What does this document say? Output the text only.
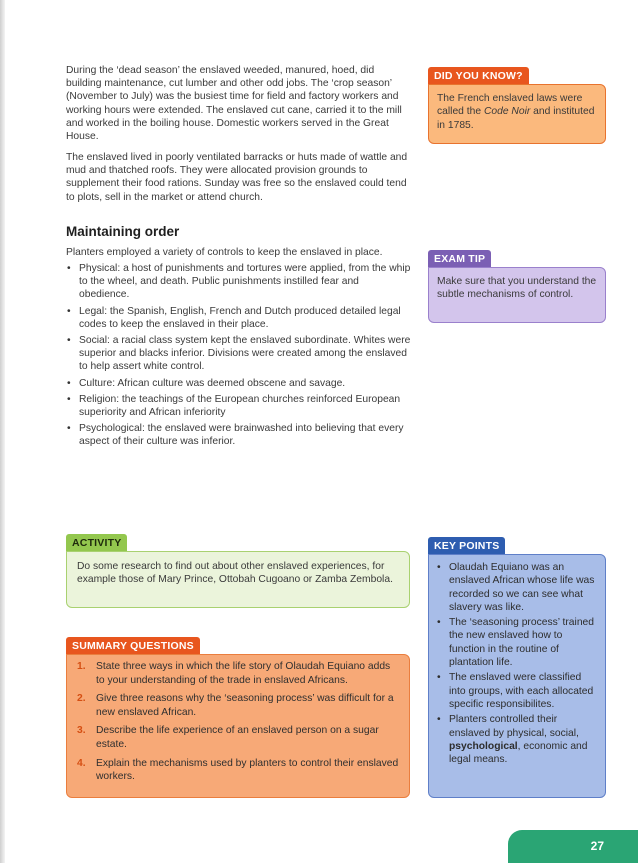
During the ‘dead season’ the enslaved weeded, manured, hoed, did building maintenance, cut lumber and other odd jobs. The ‘crop season’ (November to July) was the busiest time for field and factory workers and working hours were extended. The enslaved cut cane, carried it to the mill and worked in the boiling house. Domestic workers served in the Great House.

The enslaved lived in poorly ventilated barracks or huts made of wattle and mud and thatched roofs. They were allocated provision grounds to supplement their food rations. Sunday was free so the enslaved could tend to plots, sell in the market or attend church.

Maintaining order

Planters employed a variety of controls to keep the enslaved in place.

• Physical: a host of punishments and tortures were applied, from the whip to the wheel, and death. Public punishments instilled fear and obedience.
• Legal: the Spanish, English, French and Dutch produced detailed legal codes to keep the enslaved in their place.
• Social: a racial class system kept the enslaved subordinate. Whites were superior and blacks inferior. Divisions were created among the enslaved to help assert white control.
• Culture: African culture was deemed obscene and savage.
• Religion: the teachings of the European churches reinforced European superiority and African inferiority
• Psychological: the enslaved were brainwashed into believing that every aspect of their culture was inferior.
DID YOU KNOW?
The French enslaved laws were called the Code Noir and instituted in 1785.
EXAM TIP
Make sure that you understand the subtle mechanisms of control.
ACTIVITY
Do some research to find out about other enslaved experiences, for example those of Mary Prince, Ottobah Cugoano or Zamba Zembola.
KEY POINTS
• Olaudah Equiano was an enslaved African whose life was recorded so we can see what slavery was like.
• The ‘seasoning process’ trained the new enslaved how to function in the routine of plantation life.
• The enslaved were classified into groups, with each allocated specific responsibilites.
• Planters controlled their enslaved by physical, social, psychological, economic and legal means.
SUMMARY QUESTIONS
1. State three ways in which the life story of Olaudah Equiano adds to your understanding of the trade in enslaved Africans.
2. Give three reasons why the ‘seasoning process’ was difficult for a new enslaved African.
3. Describe the life experience of an enslaved person on a sugar estate.
4. Explain the mechanisms used by planters to control their enslaved workers.
27
